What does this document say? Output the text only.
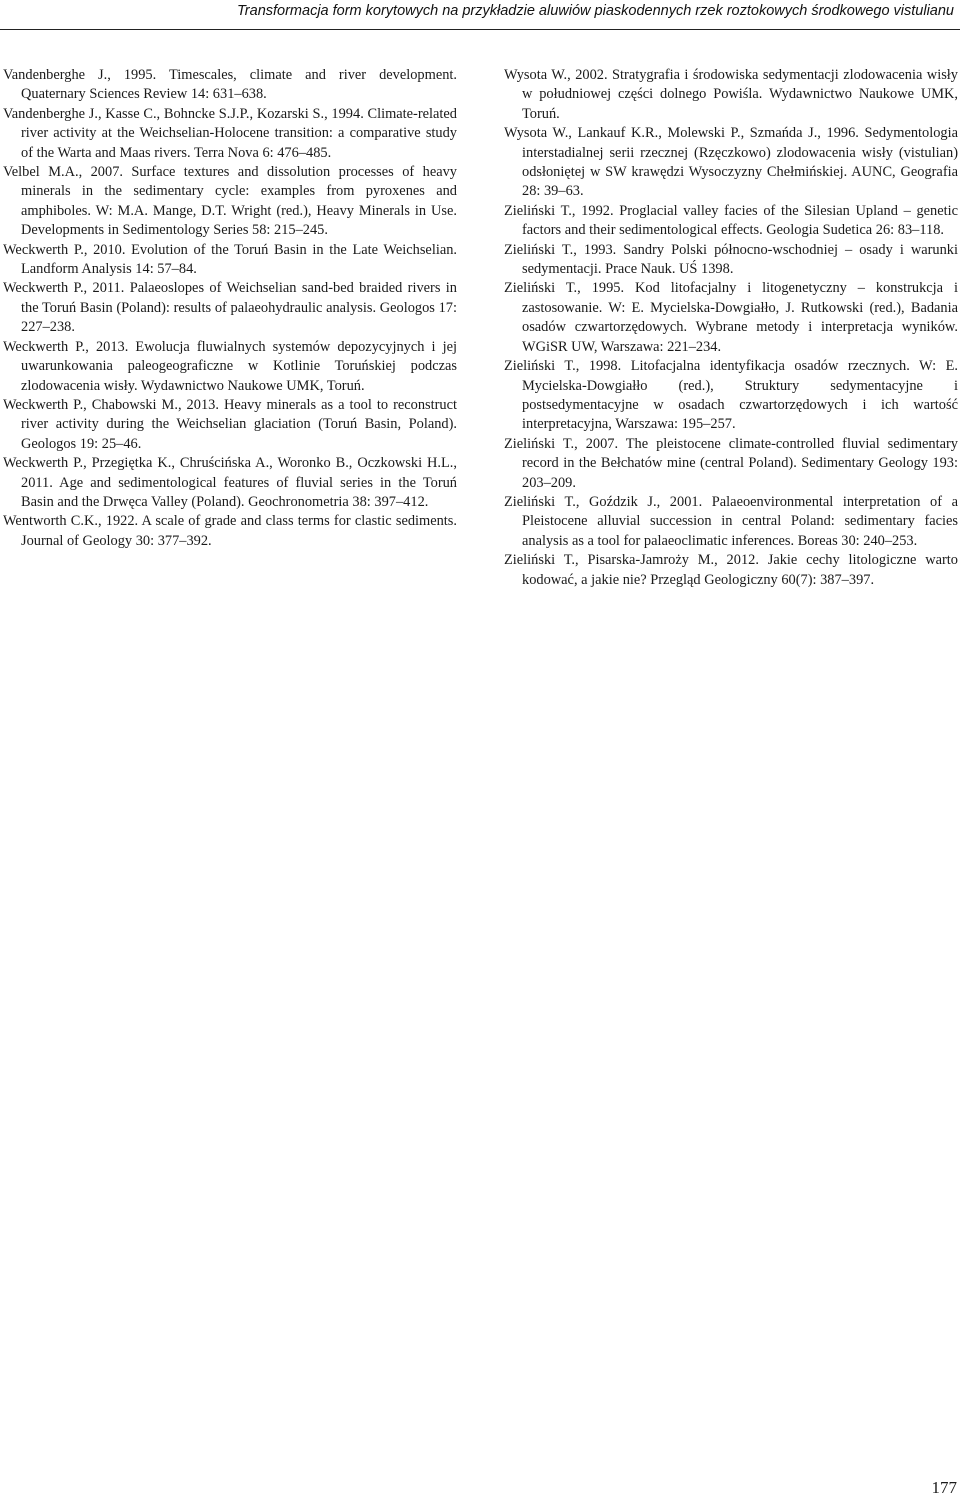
Transformacja form korytowych na przykładzie aluwiów piaskodennych rzek roztokowych środkowego vistulianu

Vandenberghe J., 1995. Timescales, climate and river development. Quaternary Sciences Review 14: 631–638.

Vandenberghe J., Kasse C., Bohncke S.J.P., Kozarski S., 1994. Climate-related river activity at the Weichselian-Holocene transition: a comparative study of the Warta and Maas rivers. Terra Nova 6: 476–485.

Velbel M.A., 2007. Surface textures and dissolution processes of heavy minerals in the sedimentary cycle: examples from pyroxenes and amphiboles. W: M.A. Mange, D.T. Wright (red.), Heavy Minerals in Use. Developments in Sedimentology Series 58: 215–245.

Weckwerth P., 2010. Evolution of the Toruń Basin in the Late Weichselian. Landform Analysis 14: 57–84.

Weckwerth P., 2011. Palaeoslopes of Weichselian sand-bed braided rivers in the Toruń Basin (Poland): results of palaeohydraulic analysis. Geologos 17: 227–238.

Weckwerth P., 2013. Ewolucja fluwialnych systemów depozycyjnych i jej uwarunkowania paleogeograficzne w Kotlinie Toruńskiej podczas zlodowacenia wisły. Wydawnictwo Naukowe UMK, Toruń.

Weckwerth P., Chabowski M., 2013. Heavy minerals as a tool to reconstruct river activity during the Weichselian glaciation (Toruń Basin, Poland). Geologos 19: 25–46.

Weckwerth P., Przegiętka K., Chruścińska A., Woronko B., Oczkowski H.L., 2011. Age and sedimentological features of fluvial series in the Toruń Basin and the Drwęca Valley (Poland). Geochronometria 38: 397–412.

Wentworth C.K., 1922. A scale of grade and class terms for clastic sediments. Journal of Geology 30: 377–392.

Wysota W., 2002. Stratygrafia i środowiska sedymentacji zlodowacenia wisły w południowej części dolnego Powiśla. Wydawnictwo Naukowe UMK, Toruń.

Wysota W., Lankauf K.R., Molewski P., Szmańda J., 1996. Sedymentologia interstadialnej serii rzecznej (Rzęczkowo) zlodowacenia wisły (vistulian) odsłoniętej w SW krawędzi Wysoczyzny Chełmińskiej. AUNC, Geografia 28: 39–63.

Zieliński T., 1992. Proglacial valley facies of the Silesian Upland – genetic factors and their sedimentological effects. Geologia Sudetica 26: 83–118.

Zieliński T., 1993. Sandry Polski północno-wschodniej – osady i warunki sedymentacji. Prace Nauk. UŚ 1398.

Zieliński T., 1995. Kod litofacjalny i litogenetyczny – konstrukcja i zastosowanie. W: E. Mycielska-Dowgiałło, J. Rutkowski (red.), Badania osadów czwartorzędowych. Wybrane metody i interpretacja wyników. WGiSR UW, Warszawa: 221–234.

Zieliński T., 1998. Litofacjalna identyfikacja osadów rzecznych. W: E. Mycielska-Dowgiałło (red.), Struktury sedymentacyjne i postsedymentacyjne w osadach czwartorzędowych i ich wartość interpretacyjna, Warszawa: 195–257.

Zieliński T., 2007. The pleistocene climate-controlled fluvial sedimentary record in the Bełchatów mine (central Poland). Sedimentary Geology 193: 203–209.

Zieliński T., Goździk J., 2001. Palaeoenvironmental interpretation of a Pleistocene alluvial succession in central Poland: sedimentary facies analysis as a tool for palaeoclimatic inferences. Boreas 30: 240–253.

Zieliński T., Pisarska-Jamroży M., 2012. Jakie cechy litologiczne warto kodować, a jakie nie? Przegląd Geologiczny 60(7): 387–397.

177
